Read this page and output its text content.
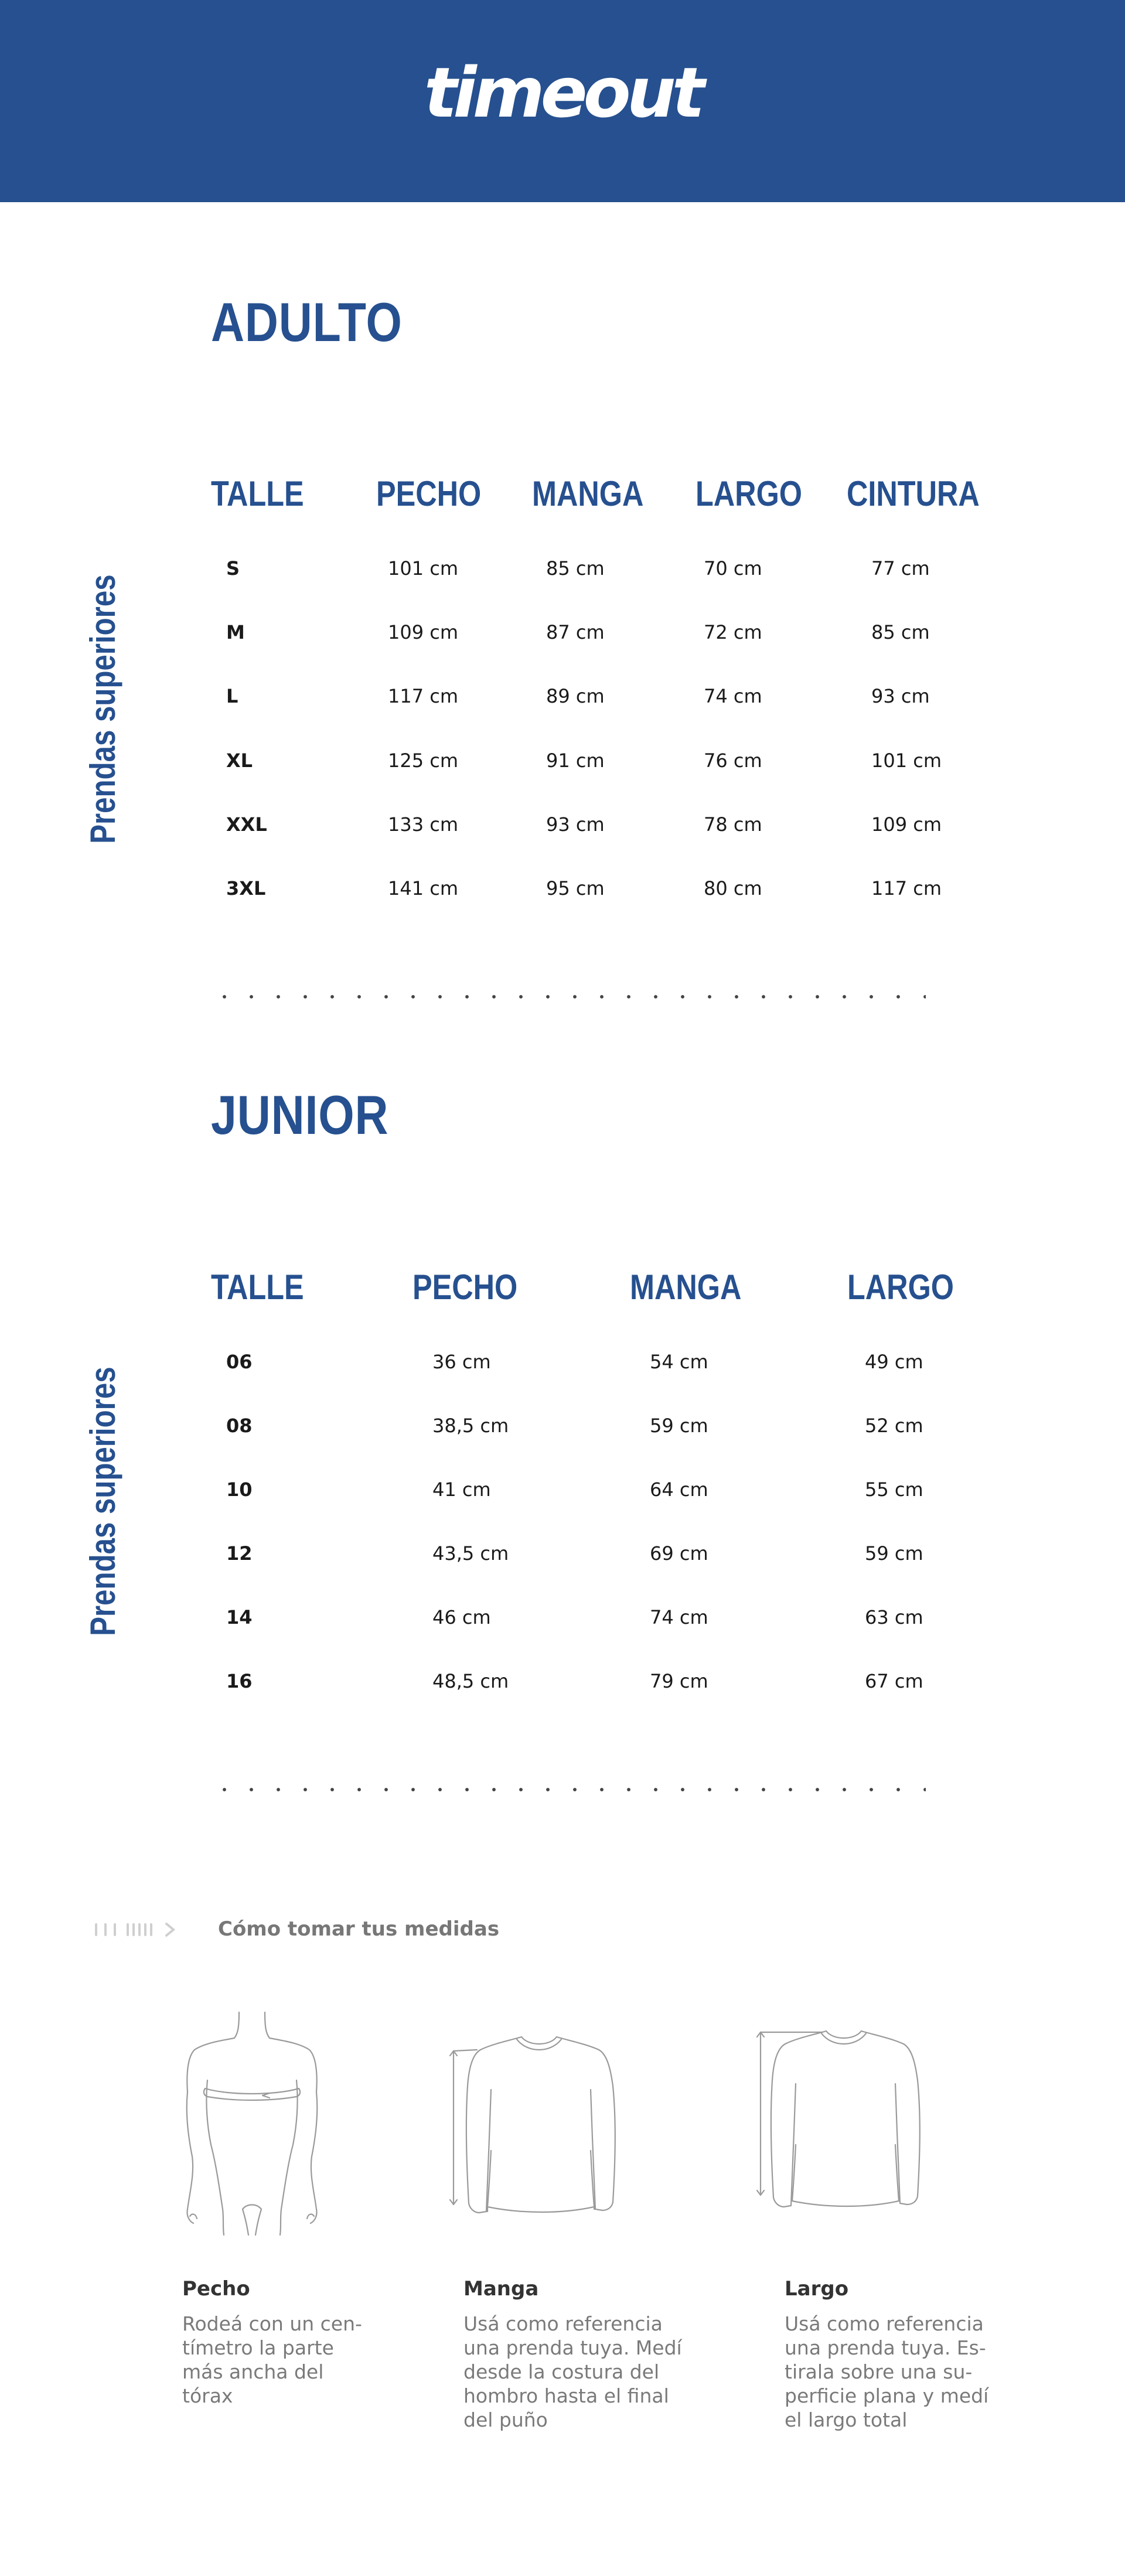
timeout
ADULTO
Prendas superiores
TALLE PECHO MANGA LARGO CINTURA
S	101 cm	85 cm	70 cm	77 cm
M	109 cm	87 cm	72 cm	85 cm
L	117 cm	89 cm	74 cm	93 cm
XL	125 cm	91 cm	76 cm	101 cm
XXL	133 cm	93 cm	78 cm	109 cm
3XL	141 cm	95 cm	80 cm	117 cm
JUNIOR
Prendas superiores
TALLE	PECHO	MANGA	LARGO
06	36 cm	54 cm	49 cm
08	38,5 cm	59 cm	52 cm
10	41 cm	64 cm	55 cm
12	43,5 cm	69 cm	59 cm
14	46 cm	74 cm	63 cm
16	48,5 cm	79 cm	67 cm
Cómo tomar tus medidas
Pecho
Rodeá con un cen-
tímetro la parte
más ancha del
tórax
Manga
Usá como referencia
una prenda tuya. Medí
desde la costura del
hombro hasta el final
del puño
Largo
Usá como referencia
una prenda tuya. Es-
tirala sobre una su-
perficie plana y medí
el largo total
